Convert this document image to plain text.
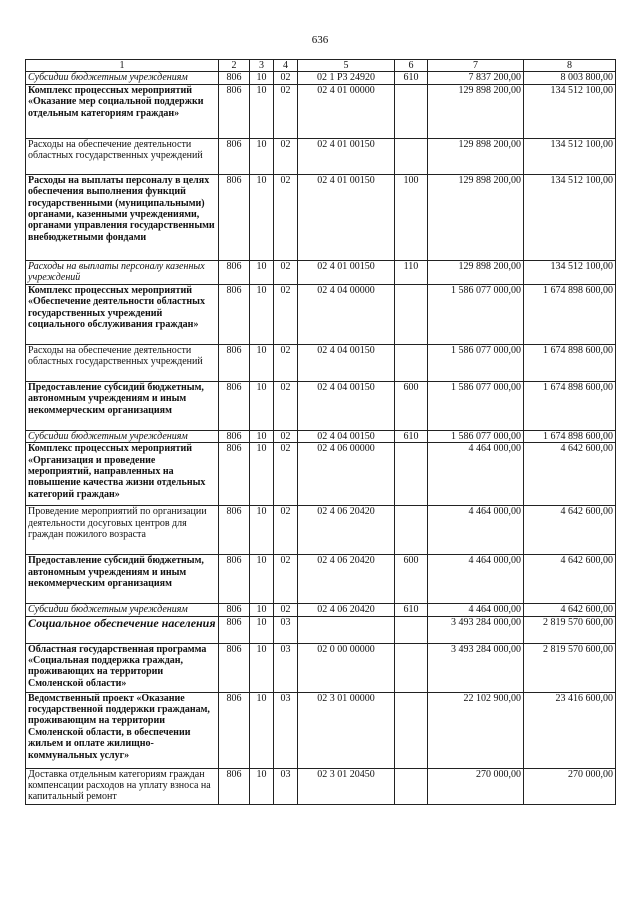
636
1	2	3	4	5	6	7	8
Субсидии бюджетным учреждениям	806	10	02	02 1 Р3 24920	610	7 837 200,00	8 003 800,00
Комплекс процессных мероприятий «Оказание мер социальной поддержки отдельным категориям граждан»	806	10	02	02 4 01 00000		129 898 200,00	134 512 100,00
Расходы на обеспечение деятельности областных государственных учреждений	806	10	02	02 4 01 00150		129 898 200,00	134 512 100,00
Расходы на выплаты персоналу в целях обеспечения выполнения функций государственными (муниципальными) органами, казенными учреждениями, органами управления государственными внебюджетными фондами	806	10	02	02 4 01 00150	100	129 898 200,00	134 512 100,00
Расходы на выплаты персоналу казенных учреждений	806	10	02	02 4 01 00150	110	129 898 200,00	134 512 100,00
Комплекс процессных мероприятий «Обеспечение деятельности областных государственных учреждений социального обслуживания граждан»	806	10	02	02 4 04 00000		1 586 077 000,00	1 674 898 600,00
Расходы на обеспечение деятельности областных государственных учреждений	806	10	02	02 4 04 00150		1 586 077 000,00	1 674 898 600,00
Предоставление субсидий бюджетным, автономным учреждениям и иным некоммерческим организациям	806	10	02	02 4 04 00150	600	1 586 077 000,00	1 674 898 600,00
Субсидии бюджетным учреждениям	806	10	02	02 4 04 00150	610	1 586 077 000,00	1 674 898 600,00
Комплекс процессных мероприятий «Организация и проведение мероприятий, направленных на повышение качества жизни отдельных категорий граждан»	806	10	02	02 4 06 00000		4 464 000,00	4 642 600,00
Проведение мероприятий по организации деятельности досуговых центров для граждан пожилого возраста	806	10	02	02 4 06 20420		4 464 000,00	4 642 600,00
Предоставление субсидий бюджетным, автономным учреждениям и иным некоммерческим организациям	806	10	02	02 4 06 20420	600	4 464 000,00	4 642 600,00
Субсидии бюджетным учреждениям	806	10	02	02 4 06 20420	610	4 464 000,00	4 642 600,00
Социальное обеспечение населения	806	10	03			3 493 284 000,00	2 819 570 600,00
Областная государственная программа «Социальная поддержка граждан, проживающих на территории Смоленской области»	806	10	03	02 0 00 00000		3 493 284 000,00	2 819 570 600,00
Ведомственный проект «Оказание государственной поддержки гражданам, проживающим на территории Смоленской области, в обеспечении жильем и оплате жилищно-коммунальных услуг»	806	10	03	02 3 01 00000		22 102 900,00	23 416 600,00
Доставка отдельным категориям граждан компенсации расходов на уплату взноса на капитальный ремонт	806	10	03	02 3 01 20450		270 000,00	270 000,00
